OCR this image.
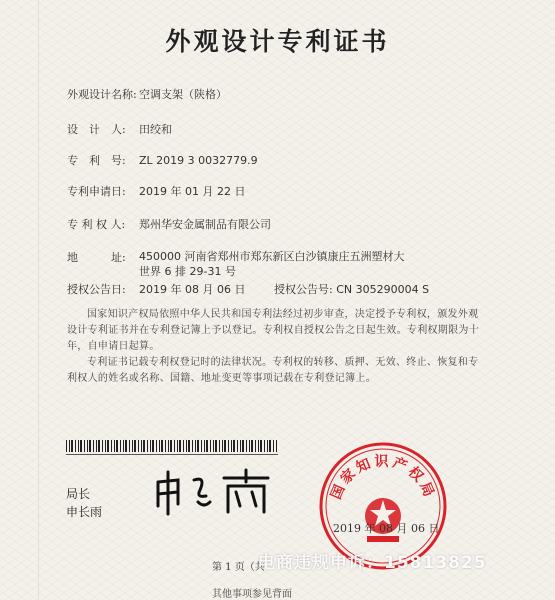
外观设计专利证书
外观设计名称: 空调支架（陕格）
设　计　人: 田绞和
专　利　号: ZL 2019 3 0032779.9
专利申请日: 2019 年 01 月 22 日
专 利 权 人: 郑州华安金属制品有限公司
地　　　址:	450000 河南省郑州市郑东新区白沙镇康庄五洲塑材大世界 6 排 29-31 号
授权公告日: 2019 年 08 月 06 日	授权公告号: CN 305290004 S
国家知识产权局依照中华人民共和国专利法经过初步审查，决定授予专利权，颁发外观设计专利证书并在专利登记簿上予以登记。专利权自授权公告之日起生效。专利权期限为十年，自申请日起算。
专利证书记载专利权登记时的法律状况。专利权的转移、质押、无效、终止、恢复和专利权人的姓名或名称、国籍、地址变更等事项记载在专利登记簿上。
局长
申长雨
国家知识产权局
2019 年 08 月 06 日
第 1 页（共
电商违规申诉：15813825
其他事项参见背面
